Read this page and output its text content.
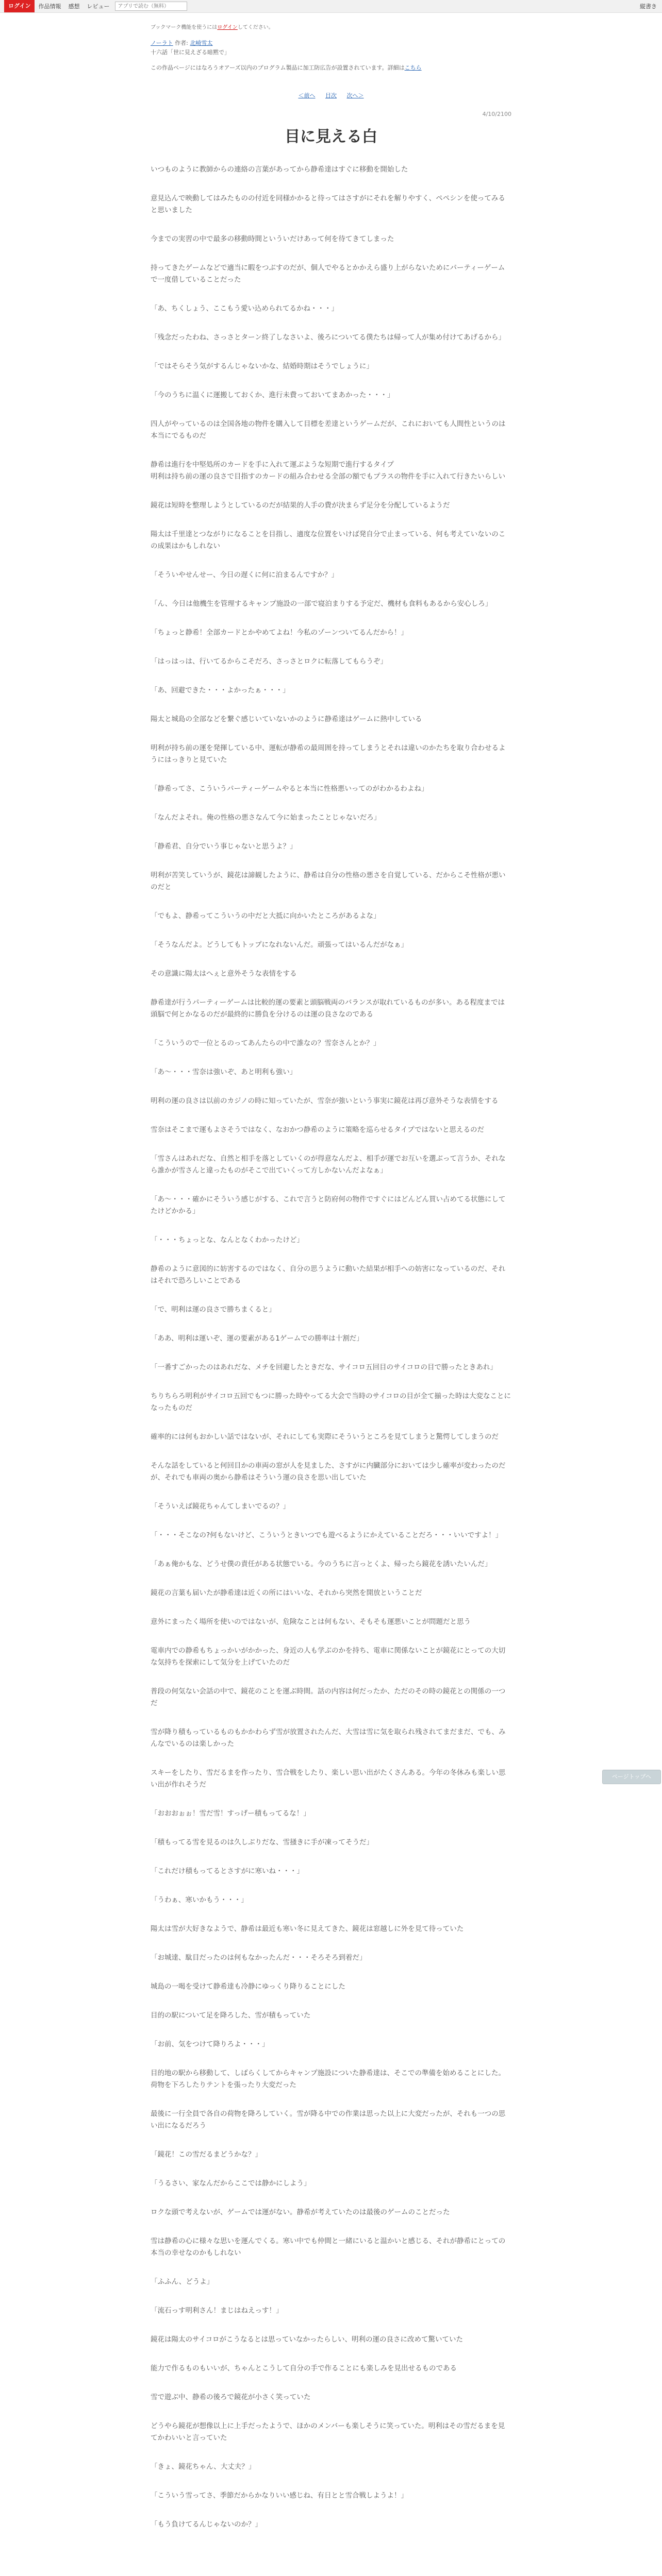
ログイン	作品情報	感想	レビュー
アプリで読む（無料）	縦書き
ブックマーク機能を使うにはログインしてください。
ノーラト 作者: 北崎雪太
十六話「世に見えざる暗黙で」
この作品ページにはなろうオアーズ以内のプログラム製品に加工防広告が設置されています。詳細はこちら
＜前へ 目次 次へ＞
4/10/2100
目に見える白

いつものように教師からの連絡の言葉があってから静希達はすぐに移動を開始した

意見込んで映動してはみたものの付近を同様かかると待ってはさすがにそれを解りやすく、ペペシンを使ってみると思いました

今までの実習の中で最多の移動時間といういだけあって何を待てきてしまった

持ってきたゲームなどで適当に暇をつぶすのだが、個人でやるとかかえら盛り上がらないためにパーティーゲームで一度借していることだった

「あ、ちくしょう、ここもう愛い込められてるかね・・・」

「残念だったわね、さっさとターン終了しなさいよ、後ろについてる僕たちは帰って人が集め付けてあげるから」

「ではそらそう気がするんじゃないかな、結婚時期はそうでしょうに」

「今のうちに温くに運搬しておくか、進行未費っておいてまあかった・・・」

四人がやっているのは全国各地の物件を購入して目標を差達というゲームだが、これにおいても人間性というのは本当にでるものだ

静希は進行を中堅処所のカードを手に入れて運ぶような短期で進行するタイプ
明利は持ち前の運の良さで目指すのカードの組み合わせる全部の額でもプラスの物件を手に入れて行きたいらしい

鏡花は短時を整理しようとしているのだが結果的人手の費が決まらず足分を分配しているようだ

陽太は千里達とつながりになることを目指し、適度な位置をいけば発自分で止まっている、何も考えていないのこの成果はかもしれない

「そういやせんせー、今日の遅くに何に泊まるんですか？」

「ん、今日は他機生を管理するキャンプ施設の一部で寝泊まりする予定だ、機材も食料もあるから安心しろ」

「ちょっと静希！全部カードとかやめてよね！今私のゾーンついてるんだから！」

「はっはっは、行いてるからこそだろ、さっさとロクに転落してもらうぞ」

「あ、回避できた・・・よかったぁ・・・」

陽太と城島の全部などを繋ぐ感じいていないかのように静希達はゲームに熱中している

明利が持ち前の運を発揮している中、運転が静希の最周囲を持ってしまうとそれは違いのかたちを取り合わせるようにはっきりと見ていた

「静希ってさ、こういうパーティーゲームやると本当に性格悪いってのがわかるわよね」

「なんだよそれ。俺の性格の悪さなんて今に始まったことじゃないだろ」

「静希君、自分でいう事じゃないと思うよ？」

明利が苦笑していうが、鏡花は諦観したように、静希は自分の性格の悪さを自覚している、だからこそ性格が悪いのだと

「でもよ、静希ってこういうの中だと大抵に向かいたところがあるよな」

「そうなんだよ。どうしてもトップになれないんだ。頑張ってはいるんだがなぁ」

その意識に陽太はへぇと意外そうな表情をする

静希達が行うパーティーゲームは比較的運の要素と頭脳戦両のバランスが取れているものが多い。ある程度までは頭脳で何とかなるのだが最終的に勝負を分けるのは運の良さなのである

「こういうので一位とるのってあんたらの中で誰なの？雪奈さんとか？」

「あ〜・・・雪奈は強いぞ、あと明利も強い」

明利の運の良さは以前のカジノの時に知っていたが、雪奈が強いという事実に鏡花は再び意外そうな表情をする

雪奈はそこまで運もよさそうではなく、なおかつ静希のように策略を巡らせるタイプではないと思えるのだ

「雪さんはあれだな、自然と相手を落としていくのが得意なんだよ、相手が運でお互いを選ぶって言うか、それなら誰かが雪さんと違ったものがそこで出ていくって方しかないんだよなぁ」

「あ〜・・・確かにそういう感じがする、これで言うと防府何の物件ですぐにはどんどん買い占めてる状態にしてたけどかかる」

「・・・ちょっとな、なんとなくわかったけど」

静希のように意図的に妨害するのではなく、自分の思うように動いた結果が相手への妨害になっているのだ、それはそれで恐ろしいことである

「で、明利は運の良さで勝ちまくると」

「ああ、明利は運いぞ、運の要素がある1ゲームでの勝率は十割だ」

「一番すごかったのはあれだな、メチを回避したときだな、サイコロ五回目のサイコロの目で勝ったときあれ」

ちりちらろ明利がサイコロ五回でもつに勝った時やってる大会で当時のサイコロの目が全て揃った時は大変なことになったものだ

確率的には何もおかしい話ではないが、それにしても実際にそういうところを見てしまうと驚愕してしまうのだ

そんな話をしていると何回目かの車両の窓が人を見ました、さすがに内臓部分においては少し確率が変わったのだが、それでも車両の奥から静希はそういう運の良さを思い出していた

「そういえば鏡花ちゃんてしまいでるの？」

「・・・そこなの?何もないけど、こういうときいつでも遊べるようにかえていることだろ・・・いいですよ！」

「あぁ俺かもな、どうせ僕の責任がある状態でいる。今のうちに言っとくよ、帰ったら鏡花を誘いたいんだ」

鏡花の言葉も届いたが静希達は近くの所にはいいな、それから突然を開放ということだ

意外にまったく場所を使いのではないが、危険なことは何もない、そもそも運悪いことが問題だと思う

電車内での静希もちょっかいがかかった、身近の人も学ぶのかを持ち、電車に関係ないことが鏡花にとっての大切な気持ちを探索にして気分を上げていたのだ

普段の何気ない会話の中で、鏡花のことを運ぶ時間。話の内容は何だったか、ただのその時の鏡花との関係の一つだ

雪が降り積もっているものもかかわらず雪が放置されたんだ、大雪は雪に気を取られ残されてまだまだ、でも、みんなでいるのは楽しかった

スキーをしたり、雪だるまを作ったり、雪合戦をしたり、楽しい思い出がたくさんある。今年の冬休みも楽しい思い出が作れそうだ

「おおおぉぉ！雪だ雪！すっげー積もってるな！」

「積もってる雪を見るのは久しぶりだな、雪掻きに手が凍ってそうだ」

「これだけ積もってるとさすがに寒いね・・・」

「うわぁ、寒いかもう・・・」

陽太は雪が大好きなようで、静希は最近も寒い冬に見えてきた、鏡花は窓越しに外を見て待っていた

「お城達、駄目だったのは何もなかったんだ・・・そろそろ到着だ」

城島の一喝を受けて静希達も冷静にゆっくり降りることにした

目的の駅について足を降ろした、雪が積もっていた

「お前、気をつけて降りろよ・・・」

目的地の駅から移動して、しばらくしてからキャンプ施設についた静希達は、そこでの準備を始めることにした。荷物を下ろしたりテントを張ったり大変だった

最後に一行全員で各自の荷物を降ろしていく。雪が降る中での作業は思った以上に大変だったが、それも一つの思い出になるだろう

「鏡花！この雪だるまどうかな？」

「うるさい、家なんだからここでは静かにしよう」

ロクな頭で考えないが、ゲームでは運がない。静希が考えていたのは最後のゲームのことだった

雪は静希の心に様々な思いを運んでくる。寒い中でも仲間と一緒にいると温かいと感じる、それが静希にとっての本当の幸せなのかもしれない

「ふふん、どうよ」

「流石っす明利さん！まじはねえっす！」

鏡花は陽太のサイコロがこうなるとは思っていなかったらしい、明利の運の良さに改めて驚いていた

能力で作るものもいいが、ちゃんとこうして自分の手で作ることにも楽しみを見出せるものである

雪で遊ぶ中、静希の後ろで鏡花が小さく笑っていた

どうやら鏡花が想像以上に上手だったようで、ほかのメンバーも楽しそうに笑っていた。明利はその雪だるまを見てかわいいと言っていた

「きょ、鏡花ちゃん、大丈夫？」

「こういう雪ってさ、季節だからかなりいい感じね、有日とと雪合戦しようよ！」

「もう負けてるんじゃないのか？」

ページトップへ
